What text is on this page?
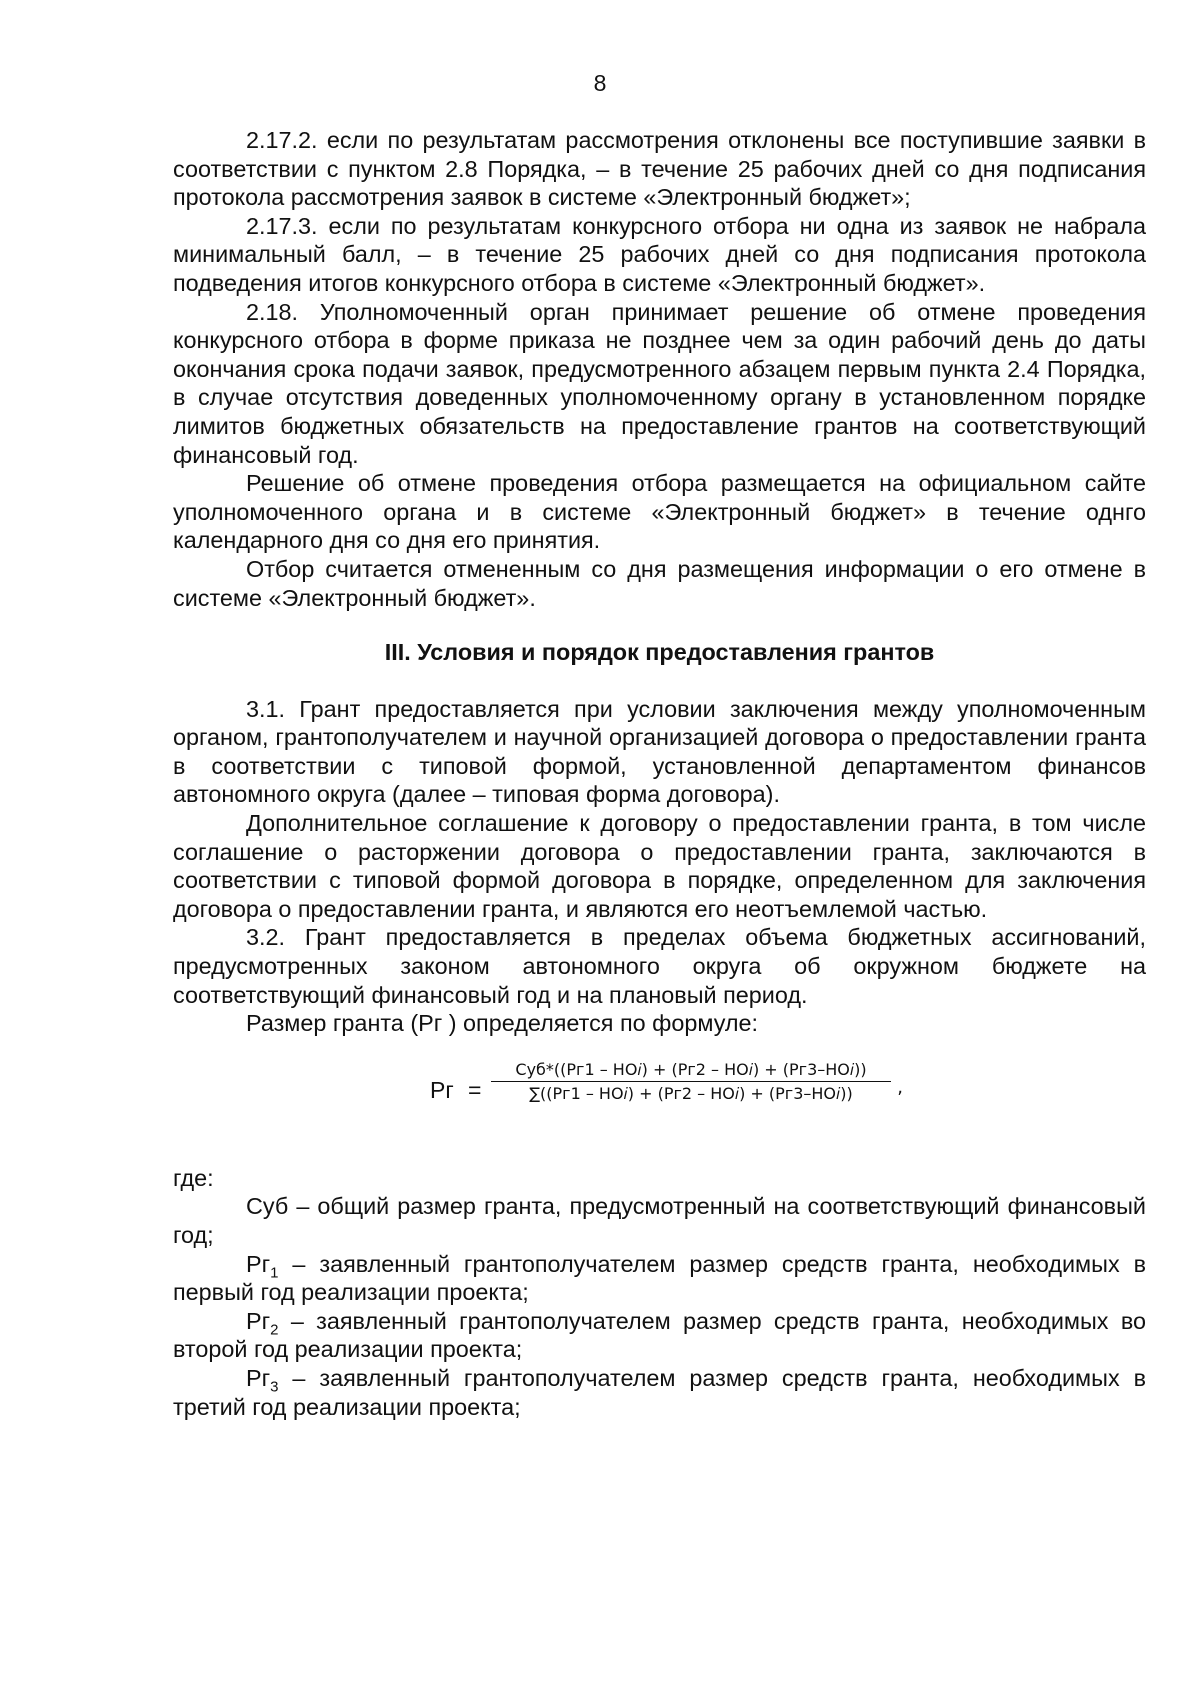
8

2.17.2. если по результатам рассмотрения отклонены все поступившие заявки в соответствии с пунктом 2.8 Порядка, – в течение 25 рабочих дней со дня подписания протокола рассмотрения заявок в системе «Электронный бюджет»;

2.17.3. если по результатам конкурсного отбора ни одна из заявок не набрала минимальный балл, – в течение 25 рабочих дней со дня подписания протокола подведения итогов конкурсного отбора в системе «Электронный бюджет».

2.18. Уполномоченный орган принимает решение об отмене проведения конкурсного отбора в форме приказа не позднее чем за один рабочий день до даты окончания срока подачи заявок, предусмотренного абзацем первым пункта 2.4 Порядка, в случае отсутствия доведенных уполномоченному органу в установленном порядке лимитов бюджетных обязательств на предоставление грантов на соответствующий финансовый год.

Решение об отмене проведения отбора размещается на официальном сайте уполномоченного органа и в системе «Электронный бюджет» в течение однго календарного дня со дня его принятия.

Отбор считается отмененным со дня размещения информации о его отмене в системе «Электронный бюджет».

III. Условия и порядок предоставления грантов

3.1. Грант предоставляется при условии заключения между уполномоченным органом, грантополучателем и научной организацией договора о предоставлении гранта в соответствии с типовой формой, установленной департаментом финансов автономного округа (далее – типовая форма договора).

Дополнительное соглашение к договору о предоставлении гранта, в том числе соглашение о расторжении договора о предоставлении гранта, заключаются в соответствии с типовой формой договора в порядке, определенном для заключения договора о предоставлении гранта, и являются его неотъемлемой частью.

3.2. Грант предоставляется в пределах объема бюджетных ассигнований, предусмотренных законом автономного округа об окружном бюджете на соответствующий финансовый год и на плановый период.

Размер гранта (Рг ) определяется по формуле:

Рг =
Суб*((Рг1 – НО𝑖) + (Рг2 – НО𝑖) + (Рг3–НО𝑖))
∑((Рг1 – НО𝑖) + (Рг2 – НО𝑖) + (Рг3–НО𝑖))	,

где:

Суб – общий размер гранта, предусмотренный на соответствующий финансовый год;

$Рг_1$ – заявленный грантополучателем размер средств гранта, необходимых в первый год реализации проекта;

$Рг_2$ – заявленный грантополучателем размер средств гранта, необходимых во второй год реализации проекта;

$Рг_3$ – заявленный грантополучателем размер средств гранта, необходимых в третий год реализации проекта;
